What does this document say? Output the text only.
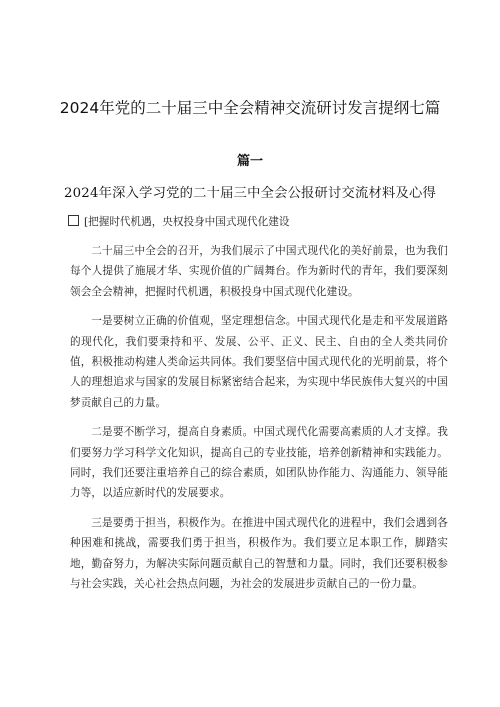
2024年党的二十届三中全会精神交流研讨发言提纲七篇
篇一
2024年深入学习党的二十届三中全会公报研讨交流材料及心得
[把握时代机遇，央权投身中国式现代化建设

二十届三中全会的召开，为我们展示了中国式现代化的美好前景，也为我们每个人提供了施展才华、实现价值的广阔舞台。作为新时代的青年，我们要深刻领会全会精神，把握时代机遇，积极投身中国式现代化建设。

一是要树立正确的价值观，坚定理想信念。中国式现代化是走和平发展道路的现代化，我们要秉持和平、发展、公平、正义、民主、自由的全人类共同价值，积极推动构建人类命运共同体。我们要坚信中国式现代化的光明前景，将个人的理想追求与国家的发展目标紧密结合起来，为实现中华民族伟大复兴的中国梦贡献自己的力量。

二是要不断学习，提高自身素质。中国式现代化需要高素质的人才支撑。我们要努力学习科学文化知识，提高自己的专业技能，培养创新精神和实践能力。同时，我们还要注重培养自己的综合素质，如团队协作能力、沟通能力、领导能力等，以适应新时代的发展要求。

三是要勇于担当，积极作为。在推进中国式现代化的进程中，我们会遇到各种困难和挑战，需要我们勇于担当，积极作为。我们要立足本职工作，脚踏实地，勤奋努力，为解决实际问题贡献自己的智慧和力量。同时，我们还要积极参与社会实践，关心社会热点问题，为社会的发展进步贡献自己的一份力量。
